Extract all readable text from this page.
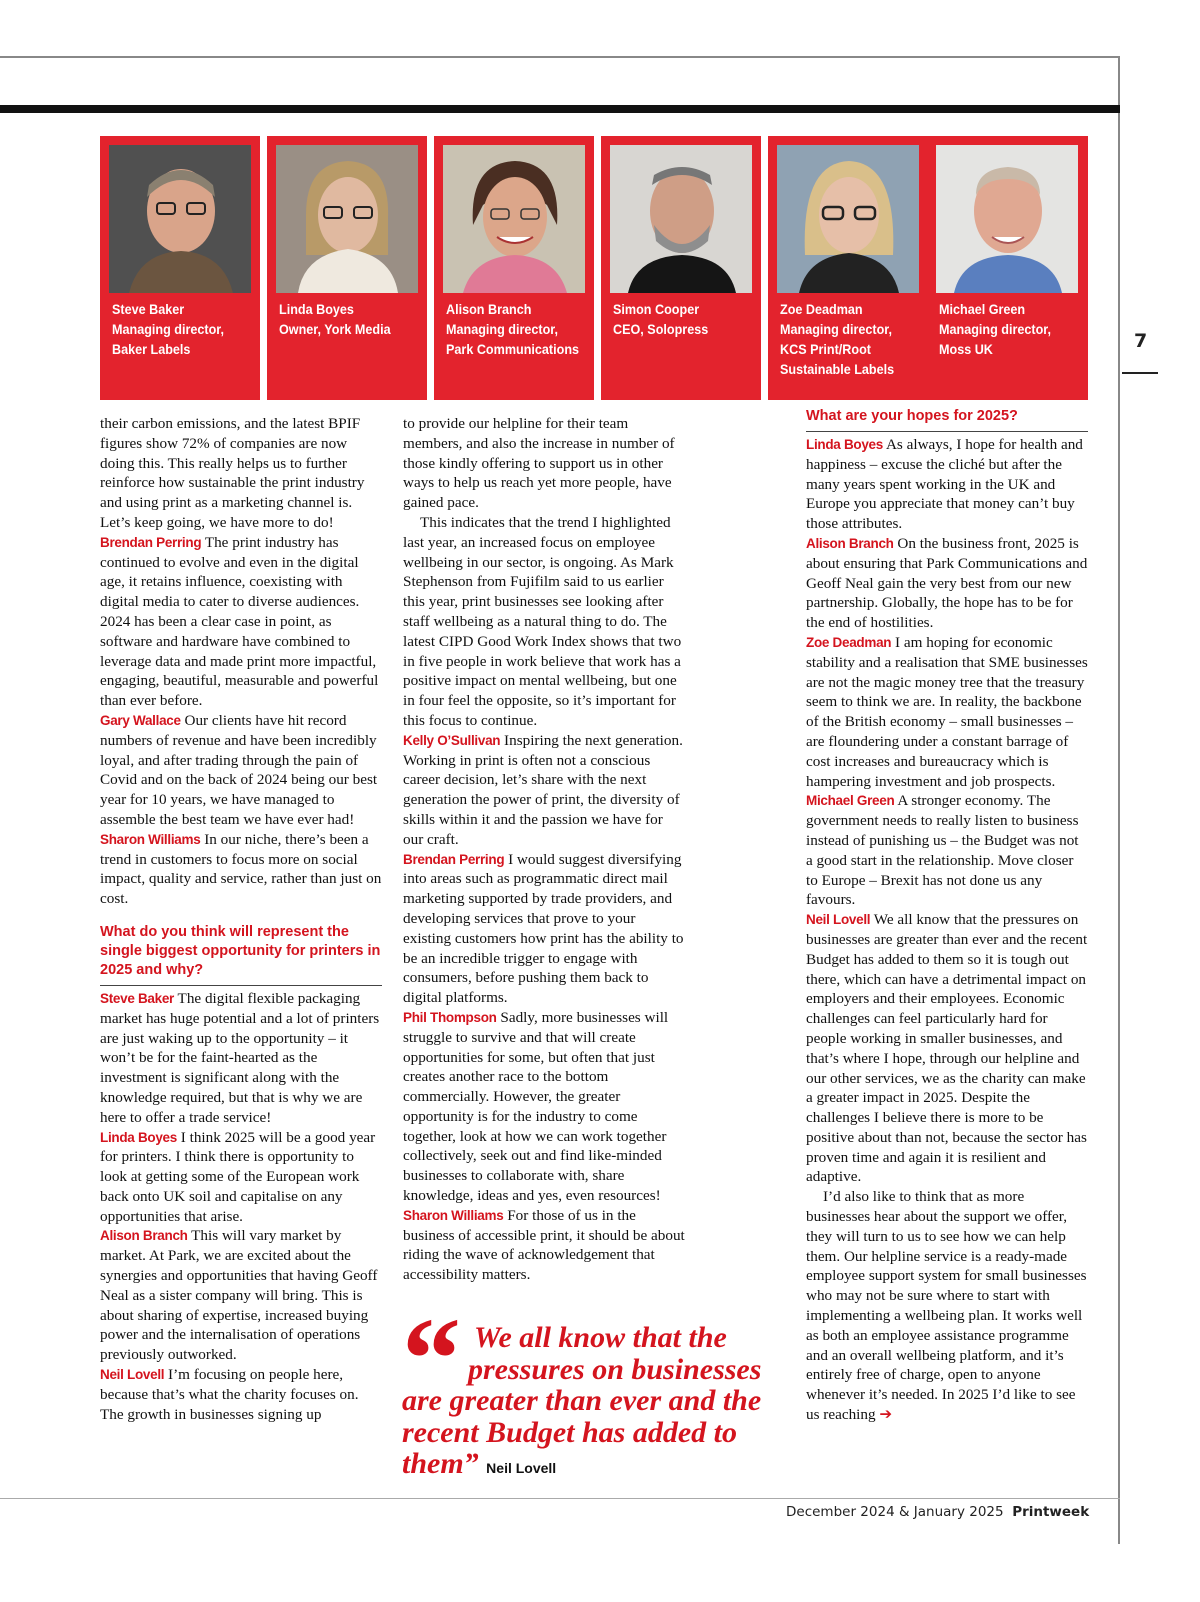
7
Steve Baker
Managing director,
Baker Labels
Linda Boyes
Owner, York Media
Alison Branch
Managing director,
Park Communications
Simon Cooper
CEO, Solopress
Zoe Deadman
Managing director,
KCS Print/Root
Sustainable Labels
Michael Green
Managing director,
Moss UK

their carbon emissions, and the latest BPIF figures show 72% of companies are now doing this. This really helps us to further reinforce how sustainable the print industry and using print as a marketing channel is. Let’s keep going, we have more to do!

Brendan Perring The print industry has continued to evolve and even in the digital age, it retains influence, coexisting with digital media to cater to diverse audiences. 2024 has been a clear case in point, as software and hardware have combined to leverage data and made print more impactful, engaging, beautiful, measurable and powerful than ever before.

Gary Wallace Our clients have hit record numbers of revenue and have been incredibly loyal, and after trading through the pain of Covid and on the back of 2024 being our best year for 10 years, we have managed to assemble the best team we have ever had!

Sharon Williams In our niche, there’s been a trend in customers to focus more on social impact, quality and service, rather than just on cost.

What do you think will represent the single biggest opportunity for printers in 2025 and why?

Steve Baker The digital flexible packaging market has huge potential and a lot of printers are just waking up to the opportunity – it won’t be for the faint-hearted as the investment is significant along with the knowledge required, but that is why we are here to offer a trade service!

Linda Boyes I think 2025 will be a good year for printers. I think there is opportunity to look at getting some of the European work back onto UK soil and capitalise on any opportunities that arise.

Alison Branch This will vary market by market. At Park, we are excited about the synergies and opportunities that having Geoff Neal as a sister company will bring. This is about sharing of expertise, increased buying power and the internalisation of operations previously outworked.

Neil Lovell I’m focusing on people here, because that’s what the charity focuses on. The growth in businesses signing up

to provide our helpline for their team members, and also the increase in number of those kindly offering to support us in other ways to help us reach yet more people, have gained pace.

This indicates that the trend I highlighted last year, an increased focus on employee wellbeing in our sector, is ongoing. As Mark Stephenson from Fujifilm said to us earlier this year, print businesses see looking after staff wellbeing as a natural thing to do. The latest CIPD Good Work Index shows that two in five people in work believe that work has a positive impact on mental wellbeing, but one in four feel the opposite, so it’s important for this focus to continue.

Kelly O’Sullivan Inspiring the next generation. Working in print is often not a conscious career decision, let’s share with the next generation the power of print, the diversity of skills within it and the passion we have for our craft.

Brendan Perring I would suggest diversifying into areas such as programmatic direct mail marketing supported by trade providers, and developing services that prove to your existing customers how print has the ability to be an incredible trigger to engage with consumers, before pushing them back to digital platforms.

Phil Thompson Sadly, more businesses will struggle to survive and that will create opportunities for some, but often that just creates another race to the bottom commercially. However, the greater opportunity is for the industry to come together, look at how we can work together collectively, seek out and find like-minded businesses to collaborate with, share knowledge, ideas and yes, even resources!

Sharon Williams For those of us in the business of accessible print, it should be about riding the wave of acknowledgement that accessibility matters.

“ We all know that the
pressures on businesses
are greater than ever and the recent Budget has added to them” Neil Lovell

What are your hopes for 2025?

Linda Boyes As always, I hope for health and happiness – excuse the cliché but after the many years spent working in the UK and Europe you appreciate that money can’t buy those attributes.

Alison Branch On the business front, 2025 is about ensuring that Park Communications and Geoff Neal gain the very best from our new partnership. Globally, the hope has to be for the end of hostilities.

Zoe Deadman I am hoping for economic stability and a realisation that SME businesses are not the magic money tree that the treasury seem to think we are. In reality, the backbone of the British economy – small businesses – are floundering under a constant barrage of cost increases and bureaucracy which is hampering investment and job prospects.

Michael Green A stronger economy. The government needs to really listen to business instead of punishing us – the Budget was not a good start in the relationship. Move closer to Europe – Brexit has not done us any favours.

Neil Lovell We all know that the pressures on businesses are greater than ever and the recent Budget has added to them so it is tough out there, which can have a detrimental impact on employers and their employees. Economic challenges can feel particularly hard for people working in smaller businesses, and that’s where I hope, through our helpline and our other services, we as the charity can make a greater impact in 2025. Despite the challenges I believe there is more to be positive about than not, because the sector has proven time and again it is resilient and adaptive.

I’d also like to think that as more businesses hear about the support we offer, they will turn to us to see how we can help them. Our helpline service is a ready-made employee support system for small businesses who may not be sure where to start with implementing a wellbeing plan. It works well as both an employee assistance programme and an overall wellbeing platform, and it’s entirely free of charge, open to anyone whenever it’s needed. In 2025 I’d like to see us reaching ➔

December 2024 & January 2025 Printweek
